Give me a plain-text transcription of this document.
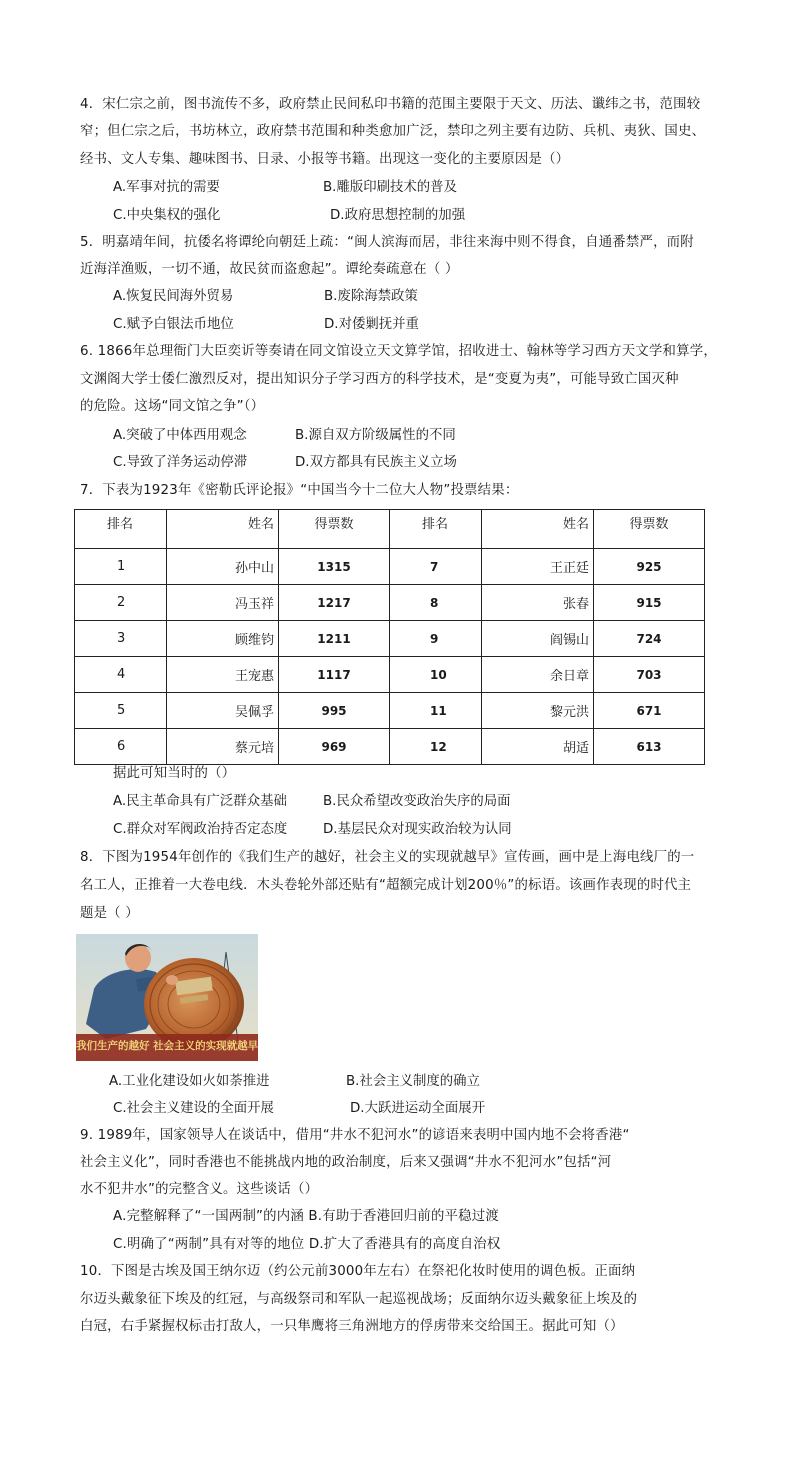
4．宋仁宗之前，图书流传不多，政府禁止民间私印书籍的范围主要限于天文、历法、谶纬之书，范围较
窄；但仁宗之后，书坊林立，政府禁书范围和种类愈加广泛，禁印之列主要有边防、兵机、夷狄、国史、
经书、文人专集、趣味图书、日录、小报等书籍。出现这一变化的主要原因是（）
A.军事对抗的需要	B.雕版印刷技术的普及
C.中央集权的强化	D.政府思想控制的加强
5．明嘉靖年间，抗倭名将谭纶向朝廷上疏：“闽人滨海而居，非往来海中则不得食，自通番禁严，而附
近海洋渔贩，一切不通，故民贫而盗愈起”。谭纶奏疏意在（ ）
A.恢复民间海外贸易	B.废除海禁政策
C.赋予白银法币地位	D.对倭剿抚并重
6. 1866年总理衙门大臣奕䜣等奏请在同文馆设立天文算学馆，招收进士、翰林等学习西方天文学和算学，
文渊阁大学士倭仁激烈反对，提出知识分子学习西方的科学技术，是“变夏为夷”，可能导致亡国灭种
的危险。这场“同文馆之争”（）
A.突破了中体西用观念	B.源自双方阶级属性的不同
C.导致了洋务运动停滞	D.双方都具有民族主义立场
7．下表为1923年《密勒氏评论报》“中国当今十二位大人物”投票结果：
排名	姓名	得票数	排名	姓名	得票数
1	孙中山	1315	7	王正廷	925
2	冯玉祥	1217	8	张春	915
3	顾维钧	1211	9	阎锡山	724
4	王宠惠	1117	10	余日章	703
5	吴佩孚	995	11	黎元洪	671
6	蔡元培	969	12	胡适	613
据此可知当时的（）
A.民主革命具有广泛群众基础	B.民众希望改变政治失序的局面
C.群众对军阀政治持否定态度	D.基层民众对现实政治较为认同
8．下图为1954年创作的《我们生产的越好，社会主义的实现就越早》宣传画，画中是上海电线厂的一
名工人，正推着一大卷电线．木头卷轮外部还贴有“超额完成计划200％”的标语。该画作表现的时代主
题是（ ）
我们生产的越好 社会主义的实现就越早
A.工业化建设如火如荼推进	B.社会主义制度的确立
C.社会主义建设的全面开展	D.大跃进运动全面展开
9. 1989年，国家领导人在谈话中，借用“井水不犯河水”的谚语来表明中国内地不会将香港“
社会主义化”，同时香港也不能挑战内地的政治制度，后来又强调“井水不犯河水”包括“河
水不犯井水”的完整含义。这些谈话（）
A.完整解释了“一国两制”的内涵 B.有助于香港回归前的平稳过渡
C.明确了“两制”具有对等的地位 D.扩大了香港具有的高度自治权
10．下图是古埃及国王纳尔迈（约公元前3000年左右）在祭祀化妆时使用的调色板。正面纳
尔迈头戴象征下埃及的红冠，与高级祭司和军队一起巡视战场；反面纳尔迈头戴象征上埃及的
白冠，右手紧握权标击打敌人，一只隼鹰将三角洲地方的俘虏带来交给国王。据此可知（）
